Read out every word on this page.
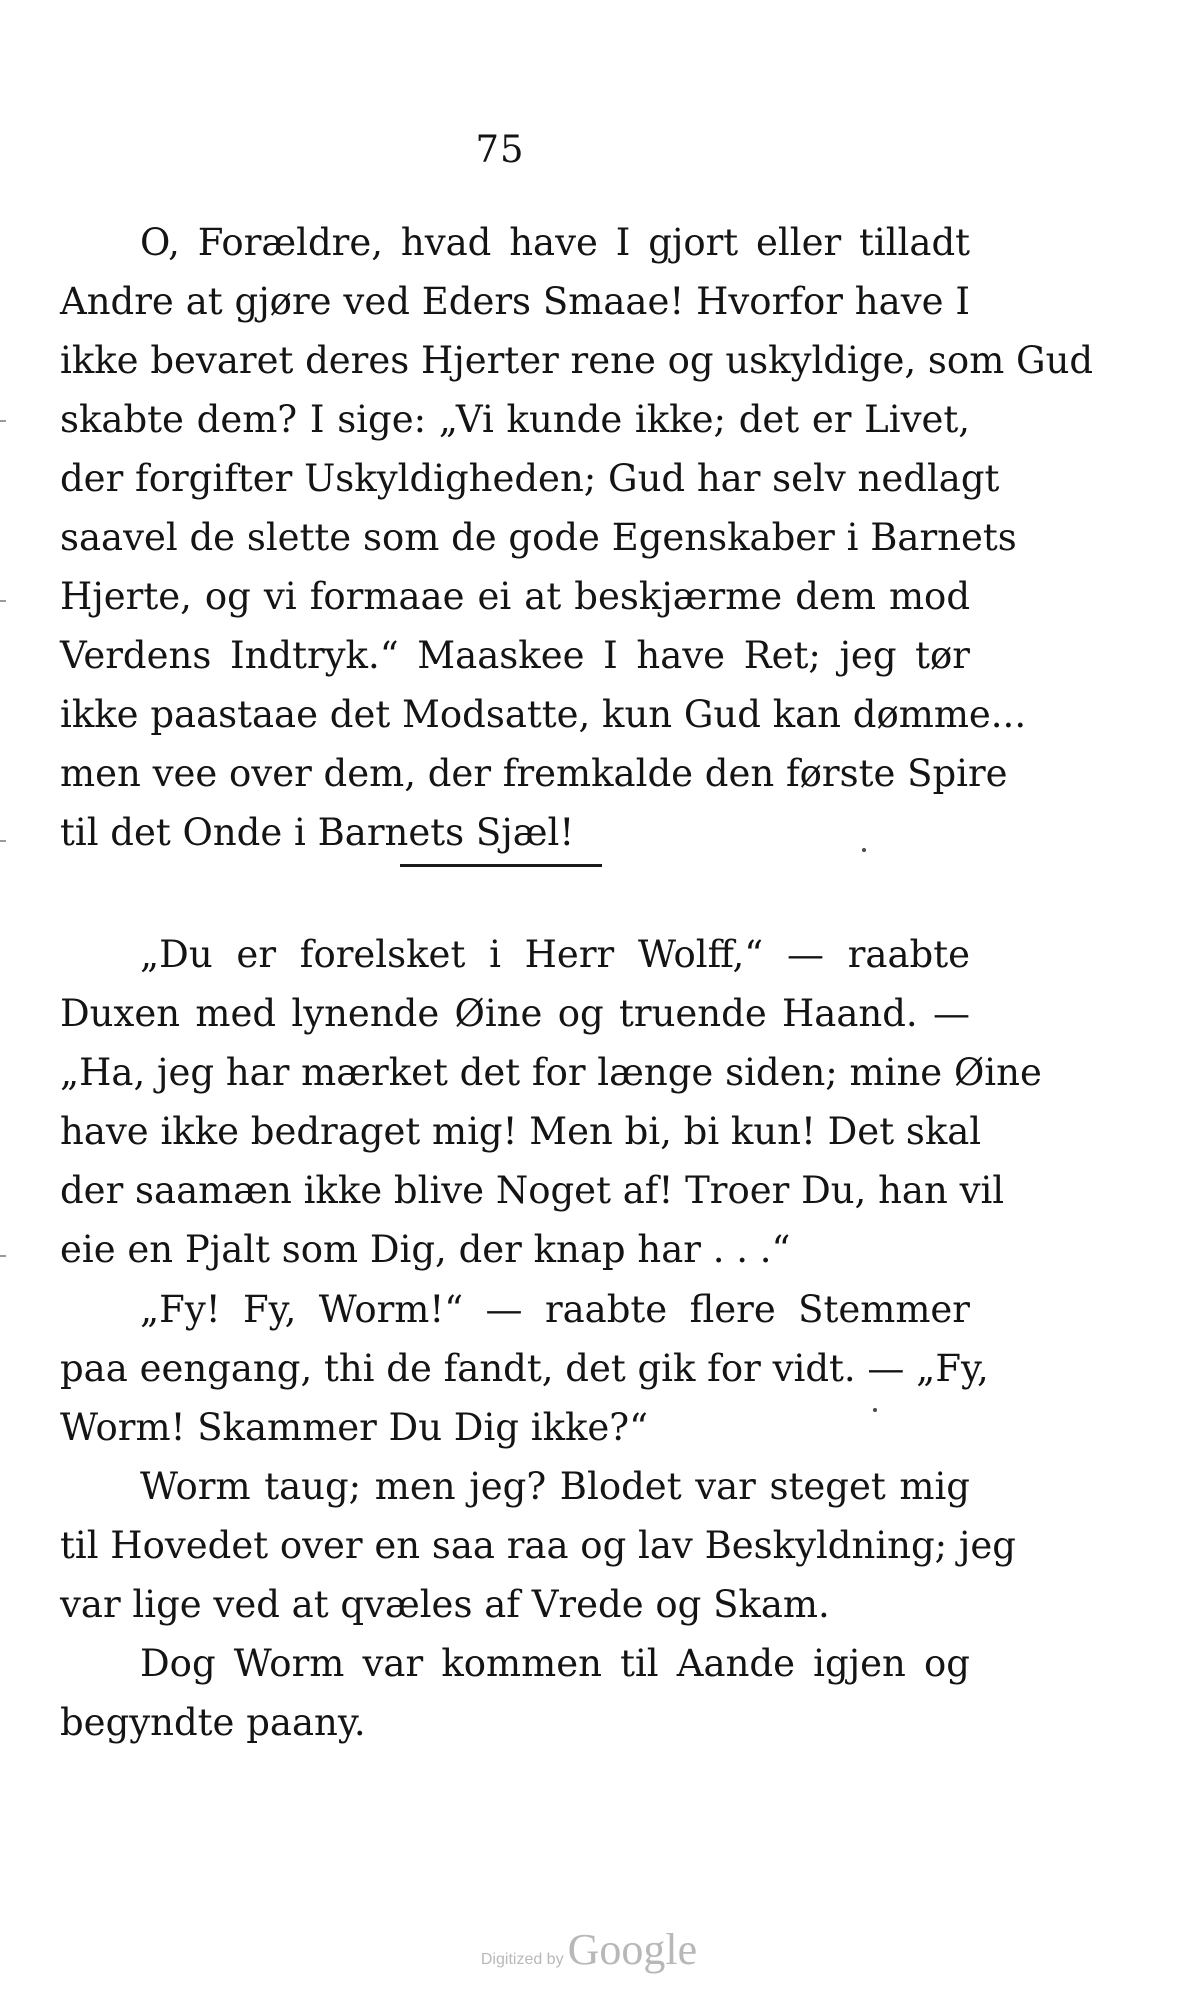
75
O, Forældre, hvad have I gjort eller tilladt
Andre at gjøre ved Eders Smaae! Hvorfor have I
ikke bevaret deres Hjerter rene og uskyldige, som Gud
skabte dem? I sige: „Vi kunde ikke; det er Livet,
der forgifter Uskyldigheden; Gud har selv nedlagt
saavel de slette som de gode Egenskaber i Barnets
Hjerte, og vi formaae ei at beskjærme dem mod
Verdens Indtryk.“ Maaskee I have Ret; jeg tør
ikke paastaae det Modsatte, kun Gud kan dømme...
men vee over dem, der fremkalde den første Spire
til det Onde i Barnets Sjæl!
„Du er forelsket i Herr Wolff,“ — raabte
Duxen med lynende Øine og truende Haand. —
„Ha, jeg har mærket det for længe siden; mine Øine
have ikke bedraget mig! Men bi, bi kun! Det skal
der saamæn ikke blive Noget af! Troer Du, han vil
eie en Pjalt som Dig, der knap har . . .“
„Fy! Fy, Worm!“ — raabte flere Stemmer
paa eengang, thi de fandt, det gik for vidt. — „Fy,
Worm! Skammer Du Dig ikke?“
Worm taug; men jeg? Blodet var steget mig
til Hovedet over en saa raa og lav Beskyldning; jeg
var lige ved at qvæles af Vrede og Skam.
Dog Worm var kommen til Aande igjen og
begyndte paany.
Digitized by Google
